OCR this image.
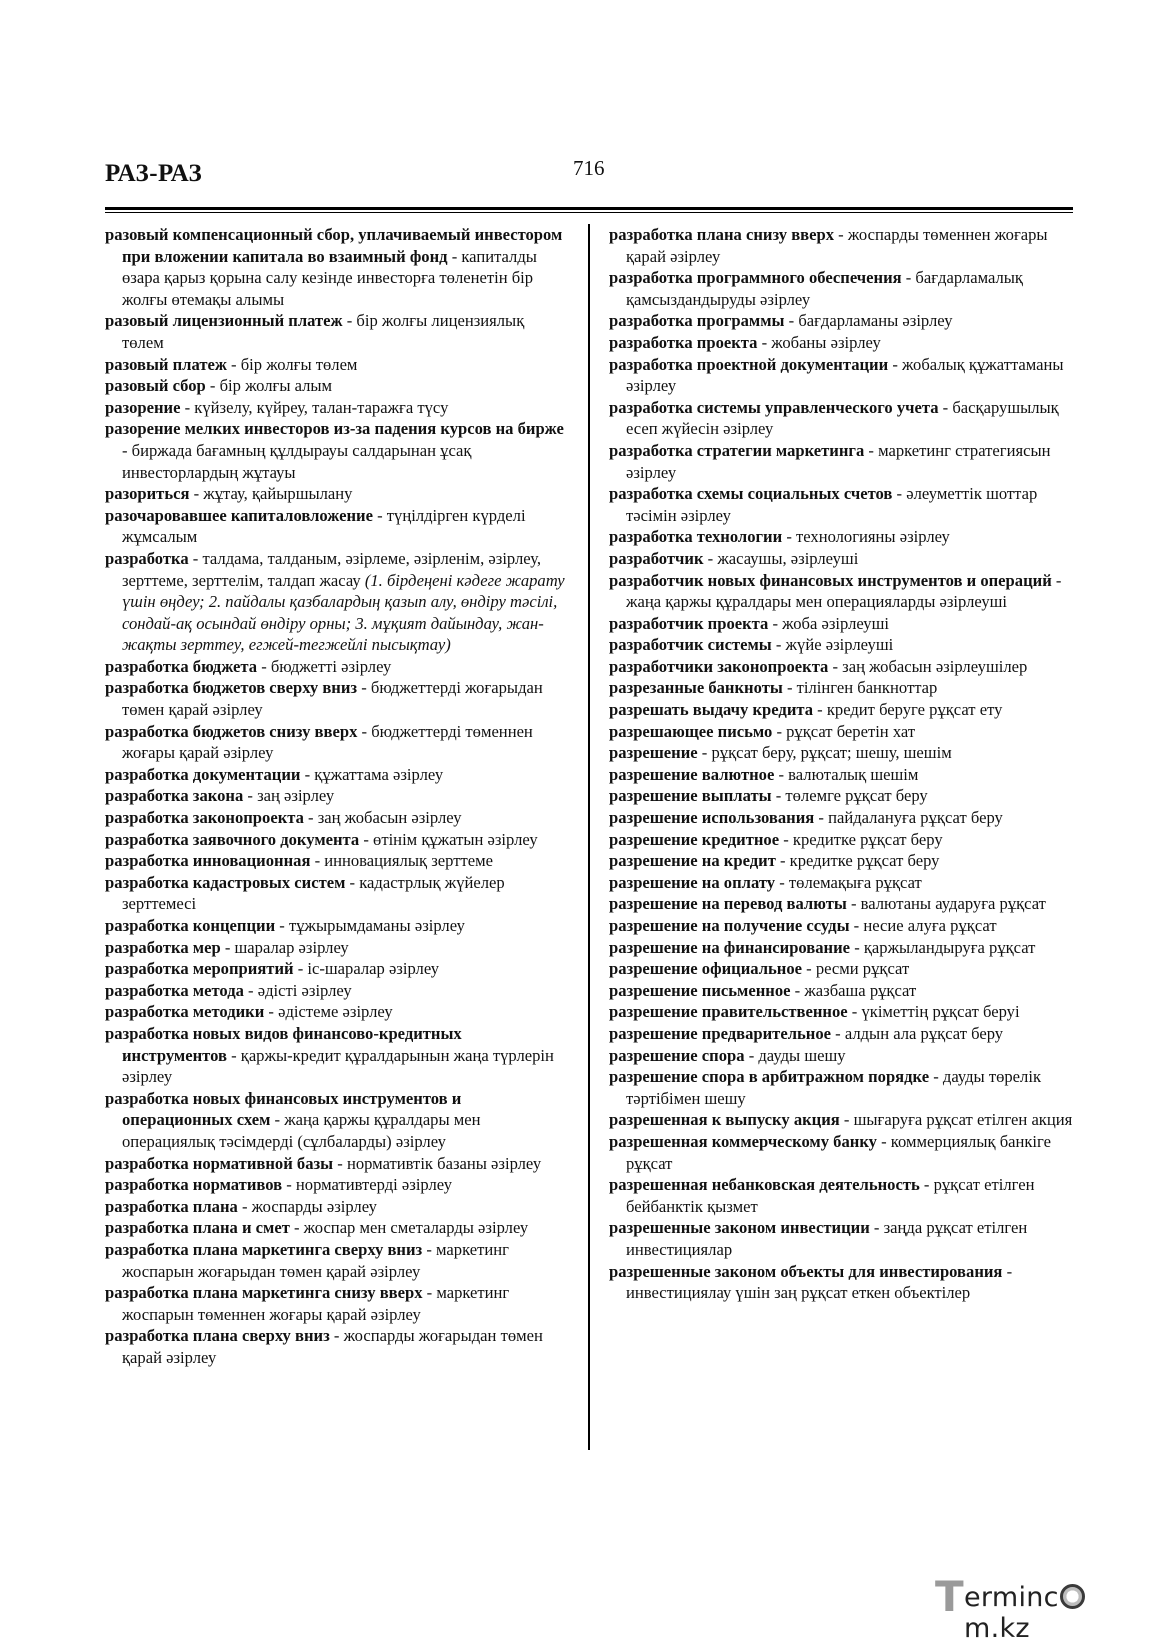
РАЗ-РАЗ	716
разовый компенсационный сбор, уплачиваемый инвестором при вложении капитала во взаимный фонд - капиталды өзара қарыз қорына салу кезінде инвесторға төленетін бір жолғы өтемақы алымы
разовый лицензионный платеж - бір жолғы лицензиялық төлем
разовый платеж - бір жолғы төлем
разовый сбор - бір жолғы алым
разорение - күйзелу, күйреу, талан-таражға түсу
разорение мелких инвесторов из-за падения курсов на бирже - биржада бағамның құлдырауы салдарынан ұсақ инвесторлардың жұтауы
разориться - жұтау, қайыршылану
разочаровавшее капиталовложение - түңілдірген күрделі жұмсалым
разработка - талдама, талданым, әзірлеме, әзірленім, әзірлеу, зерттеме, зерттелім, талдап жасау (1. бірдеңені кәдеге жарату үшін өңдеу; 2. пайдалы қазбалардың қазып алу, өндіру тәсілі, сондай-ақ осындай өндіру орны; 3. мұқият дайындау, жан-жақты зерттеу, егжей-тегжейлі пысықтау)
разработка бюджета - бюджетті әзірлеу
разработка бюджетов сверху вниз - бюджеттерді жоғарыдан төмен қарай әзірлеу
разработка бюджетов снизу вверх - бюджеттерді төменнен жоғары қарай әзірлеу
разработка документации - құжаттама әзірлеу
разработка закона - заң әзірлеу
разработка законопроекта - заң жобасын әзірлеу
разработка заявочного документа - өтінім құжатын әзірлеу
разработка инновационная - инновациялық зерттеме
разработка кадастровых систем - кадастрлық жүйелер зерттемесі
разработка концепции - тұжырымдаманы әзірлеу
разработка мер - шаралар әзірлеу
разработка мероприятий - іс-шаралар әзірлеу
разработка метода - әдісті әзірлеу
разработка методики - әдістеме әзірлеу
разработка новых видов финансово-кредитных инструментов - қаржы-кредит құралдарынын жаңа түрлерін әзірлеу
разработка новых финансовых инструментов и операционных схем - жаңа қаржы құралдары мен операциялық тәсімдерді (сұлбаларды) әзірлеу
разработка нормативной базы - нормативтік базаны әзірлеу
разработка нормативов - нормативтерді әзірлеу
разработка плана - жоспарды әзірлеу
разработка плана и смет - жоспар мен сметаларды әзірлеу
разработка плана маркетинга сверху вниз - маркетинг жоспарын жоғарыдан төмен қарай әзірлеу
разработка плана маркетинга снизу вверх - маркетинг жоспарын төменнен жоғары қарай әзірлеу
разработка плана сверху вниз - жоспарды жоғарыдан төмен қарай әзірлеу
разработка плана снизу вверх - жоспарды төменнен жоғары қарай әзірлеу
разработка программного обеспечения - бағдарламалық қамсыздандыруды әзірлеу
разработка программы - бағдарламаны әзірлеу
разработка проекта - жобаны әзірлеу
разработка проектной документации - жобалық құжаттаманы әзірлеу
разработка системы управленческого учета - басқарушылық есеп жүйесін әзірлеу
разработка стратегии маркетинга - маркетинг стратегиясын әзірлеу
разработка схемы социальных счетов - әлеуметтік шоттар тәсімін әзірлеу
разработка технологии - технологияны әзірлеу
разработчик - жасаушы, әзірлеуші
разработчик новых финансовых инструментов и операций - жаңа қаржы құралдары мен операцияларды әзірлеуші
разработчик проекта - жоба әзірлеуші
разработчик системы - жүйе әзірлеуші
разработчики законопроекта - заң жобасын әзірлеушілер
разрезанные банкноты - тілінген банкноттар
разрешать выдачу кредита - кредит беруге рұқсат ету
разрешающее письмо - рұқсат беретін хат
разрешение - рұқсат беру, рұқсат; шешу, шешім
разрешение валютное - валюталық шешім
разрешение выплаты - төлемге рұқсат беру
разрешение использования - пайдалануға рұқсат беру
разрешение кредитное - кредитке рұқсат беру
разрешение на кредит - кредитке рұқсат беру
разрешение на оплату - төлемақыға рұқсат
разрешение на перевод валюты - валютаны аударуға рұқсат
разрешение на получение ссуды - несие алуға рұқсат
разрешение на финансирование - қаржыландыруға рұқсат
разрешение официальное - ресми рұқсат
разрешение письменное - жазбаша рұқсат
разрешение правительственное - үкіметтің рұқсат беруі
разрешение предварительное - алдын ала рұқсат беру
разрешение спора - дауды шешу
разрешение спора в арбитражном порядке - дауды төрелік тәртібімен шешу
разрешенная к выпуску акция - шығаруға рұқсат етілген акция
разрешенная коммерческому банку - коммерциялық банкіге рұқсат
разрешенная небанковская деятельность - рұқсат етілген бейбанктік қызмет
разрешенные законом инвестиции - заңда рұқсат етілген инвестициялар
разрешенные законом объекты для инвестирования - инвестициялау үшін заң рұқсат еткен объектілер
T ermincm.kz
